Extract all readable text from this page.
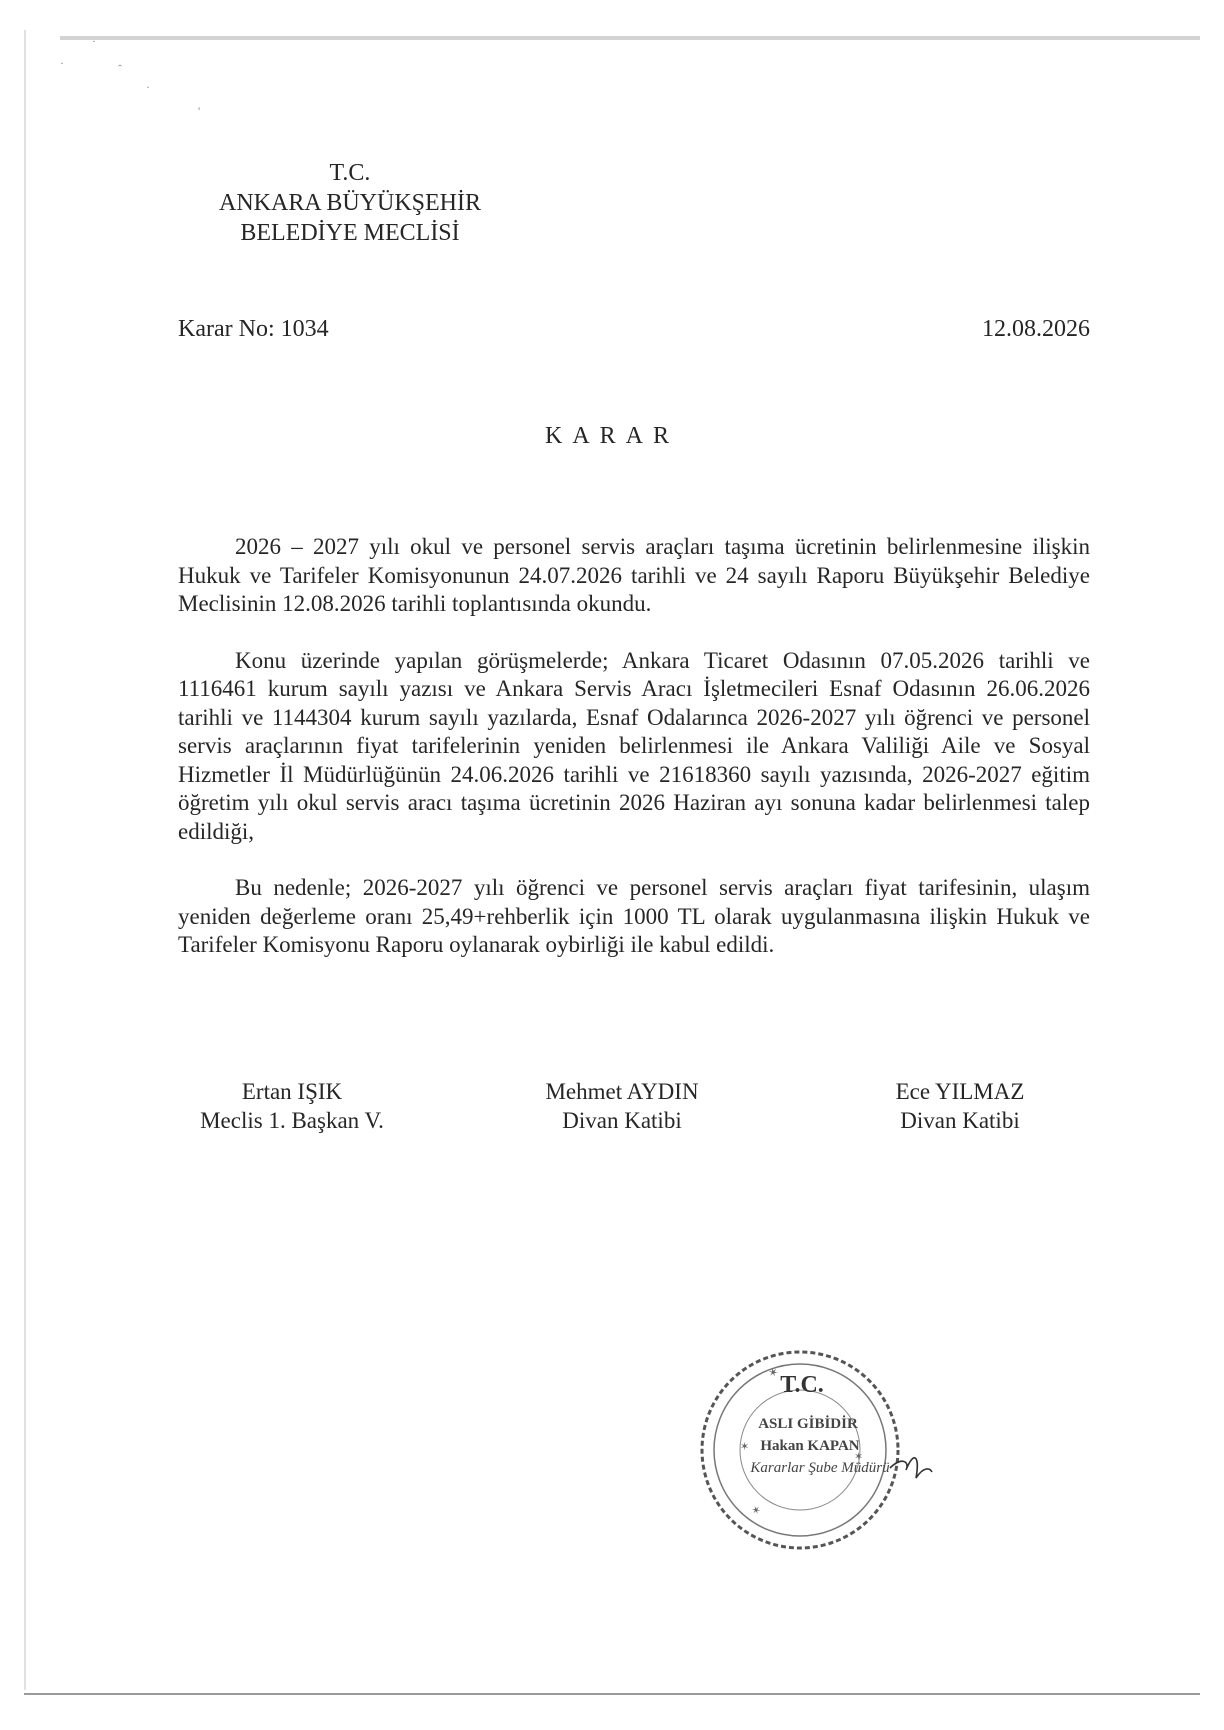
·
·	ˆ
·
'
T.C.
ANKARA BÜYÜKŞEHİR
BELEDİYE MECLİSİ
Karar No: 1034	12.08.2026
KARAR

2026 – 2027 yılı okul ve personel servis araçları taşıma ücretinin belirlenmesine ilişkin Hukuk ve Tarifeler Komisyonunun 24.07.2026 tarihli ve 24 sayılı Raporu Büyükşehir Belediye Meclisinin 12.08.2026 tarihli toplantısında okundu.

Konu üzerinde yapılan görüşmelerde; Ankara Ticaret Odasının 07.05.2026 tarihli ve 1116461 kurum sayılı yazısı ve Ankara Servis Aracı İşletmecileri Esnaf Odasının 26.06.2026 tarihli ve 1144304 kurum sayılı yazılarda, Esnaf Odalarınca 2026-2027 yılı öğrenci ve personel servis araçlarının fiyat tarifelerinin yeniden belirlenmesi ile Ankara Valiliği Aile ve Sosyal Hizmetler İl Müdürlüğünün 24.06.2026 tarihli ve 21618360 sayılı yazısında, 2026-2027 eğitim öğretim yılı okul servis aracı taşıma ücretinin 2026 Haziran ayı sonuna kadar belirlenmesi talep edildiği,

Bu nedenle; 2026-2027 yılı öğrenci ve personel servis araçları fiyat tarifesinin, ulaşım yeniden değerleme oranı 25,49+rehberlik için 1000 TL olarak uygulanmasına ilişkin Hukuk ve Tarifeler Komisyonu Raporu oylanarak oybirliği ile kabul edildi.

Ertan IŞIK
Meclis 1. Başkan V.
Mehmet AYDIN
Divan Katibi
Ece YILMAZ
Divan Katibi
✶
✶
✶
✶
T.C.
ASLI GİBİDİR
Hakan KAPAN
Kararlar Şube Müdürü
